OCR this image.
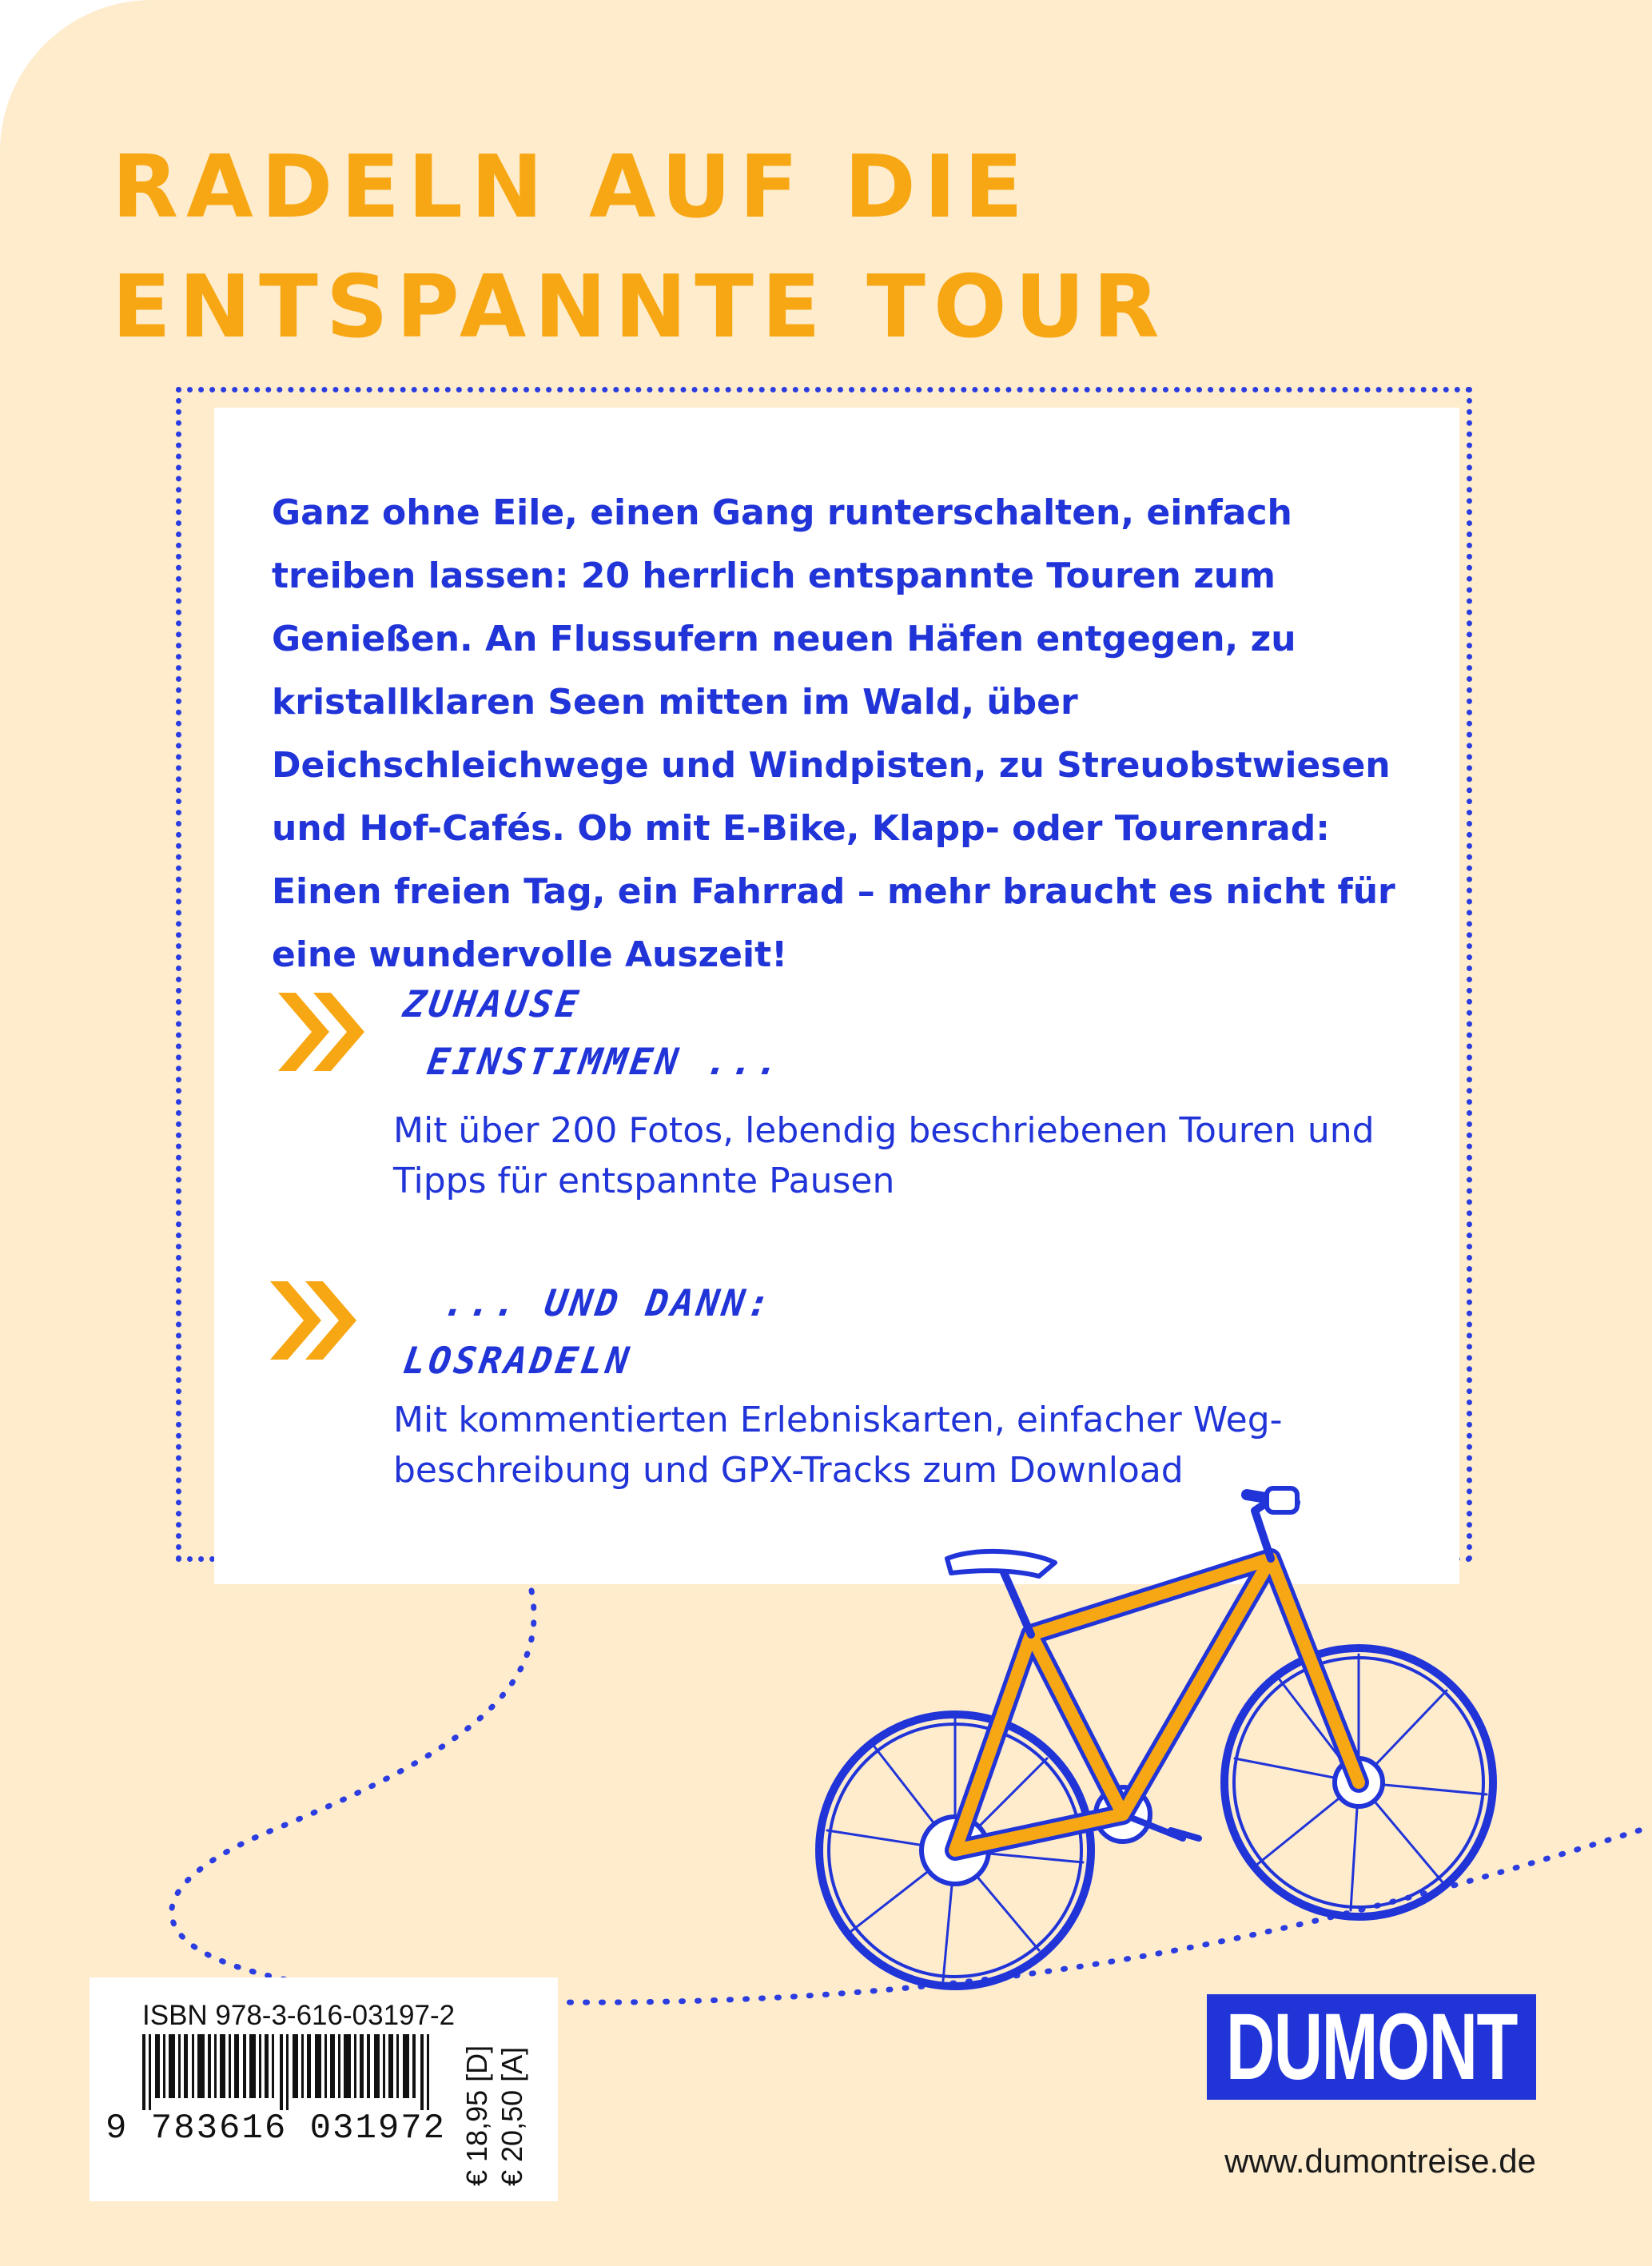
RADELN AUF DIE
ENTSPANNTE TOUR

Ganz ohne Eile, einen Gang runterschalten, einfach treiben lassen: 20 herrlich entspannte Touren zum Genießen. An Flussufern neuen Häfen entgegen, zu kristallklaren Seen mitten im Wald, über Deichschleichwege und Windpisten, zu Streuobstwiesen und Hof-Cafés. Ob mit E-Bike, Klapp- oder Tourenrad: Einen freien Tag, ein Fahrrad – mehr braucht es nicht für eine wundervolle Auszeit!

ZUHAUSE
EINSTIMMEN ...

Mit über 200 Fotos, lebendig beschriebenen Touren und Tipps für entspannte Pausen

... UND DANN:
LOSRADELN

Mit kommentierten Erlebniskarten, einfacher Weg-beschreibung und GPX-Tracks zum Download

ISBN 978-3-616-03197-2

9 783616 031972 € 18,95 [D] € 20,50 [A]	DUMONT

www.dumontreise.de
